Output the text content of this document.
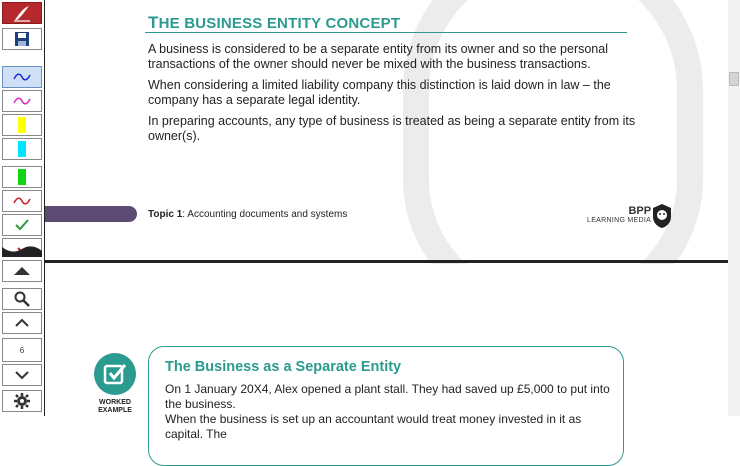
6
THE BUSINESS ENTITY CONCEPT
A business is considered to be a separate entity from its owner and so the personal transactions of the owner should never be mixed with the business transactions.
When considering a limited liability company this distinction is laid down in law – the company has a separate legal identity.
In preparing accounts, any type of business is treated as being a separate entity from its owner(s).
Topic 1: Accounting documents and systems	BPP
LEARNING MEDIA
WORKED
EXAMPLE
The Business as a Separate Entity
On 1 January 20X4, Alex opened a plant stall. They had saved up £5,000 to put into the business.
When the business is set up an accountant would treat money invested in it as capital. The
